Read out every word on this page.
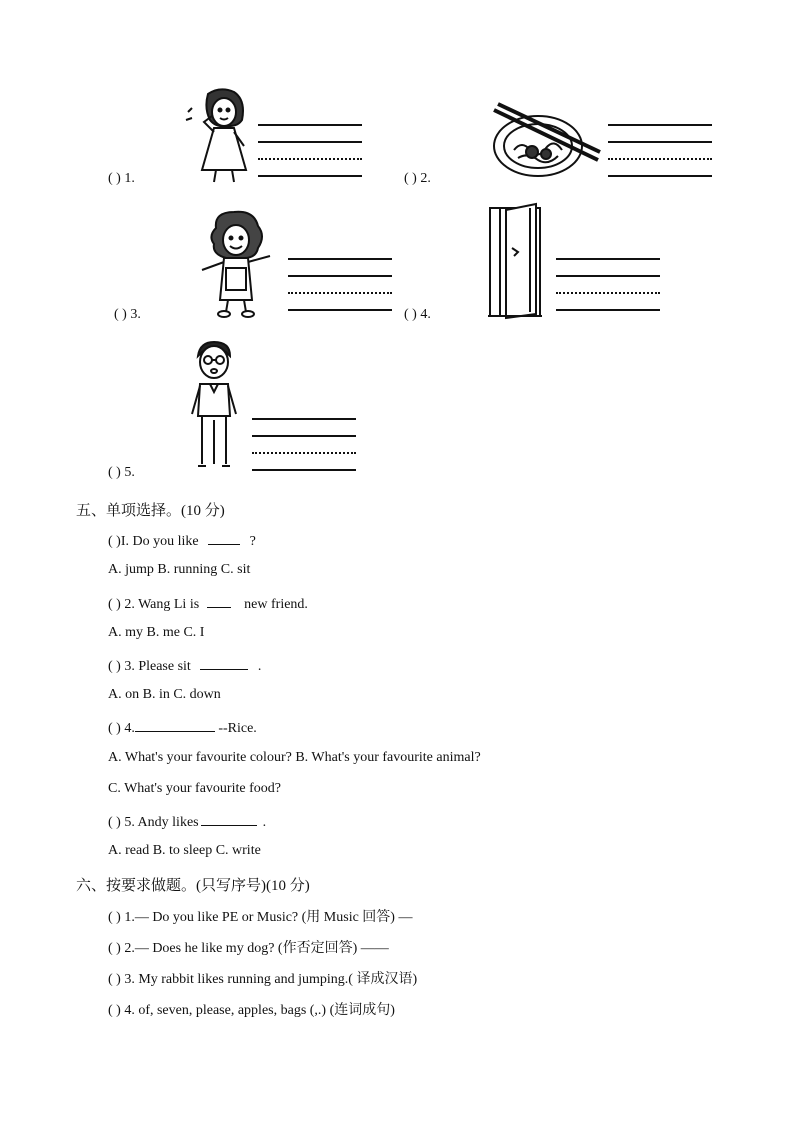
( ) 1.	( ) 2.
( ) 3.	( ) 4.
( ) 5.
五、单项选择。(10 分)
( )I. Do you like	?
A. jump B. running C. sit
( ) 2. Wang Li is	new friend.
A. my B. me C. I
( ) 3. Please sit	.
A. on B. in C. down
( ) 4.	--Rice.
A. What's your favourite colour? B. What's your favourite animal?
C. What's your favourite food?
( ) 5. Andy likes	.
A. read B. to sleep C. write
六、按要求做题。(只写序号)(10 分)
( ) 1.— Do you like PE or Music? (用 Music 回答) —
( ) 2.— Does he like my dog? (作否定回答) ——
( ) 3. My rabbit likes running and jumping.( 译成汉语)
( ) 4. of, seven, please, apples, bags (,.) (连词成句)
